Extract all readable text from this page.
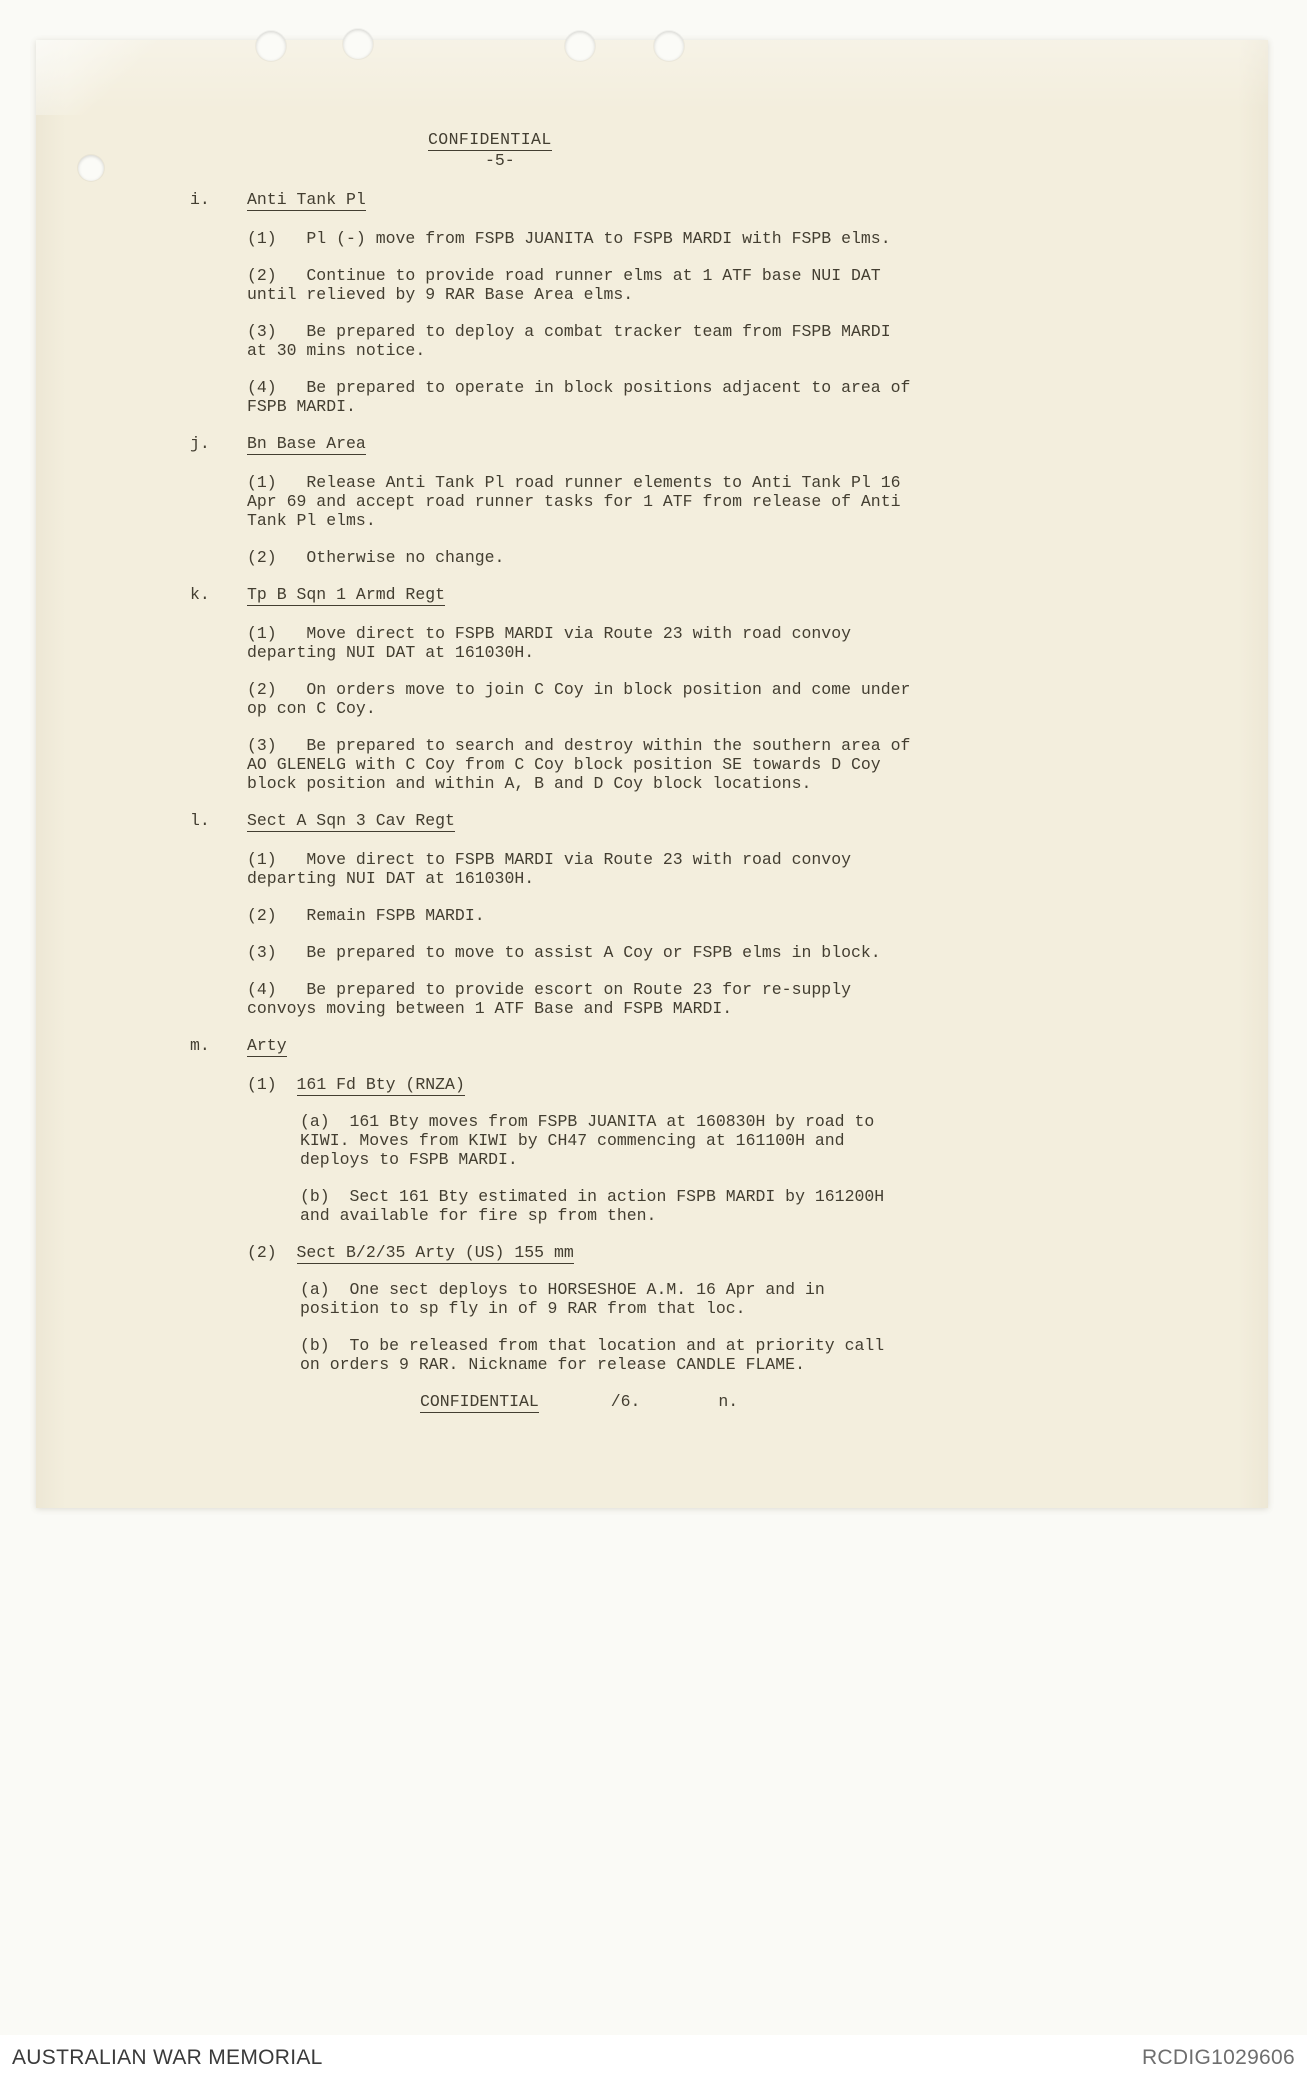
CONFIDENTIAL
-5-
i.	Anti Tank Pl
(1)   Pl (-) move from FSPB JUANITA to FSPB MARDI with FSPB elms.
(2)   Continue to provide road runner elms at 1 ATF base NUI DAT
until relieved by 9 RAR Base Area elms.
(3)   Be prepared to deploy a combat tracker team from FSPB MARDI
at 30 mins notice.
(4)   Be prepared to operate in block positions adjacent to area of
FSPB MARDI.
j.	Bn Base Area
(1)   Release Anti Tank Pl road runner elements to Anti Tank Pl 16
Apr 69 and accept road runner tasks for 1 ATF from release of Anti
Tank Pl elms.
(2)   Otherwise no change.
k.	Tp B Sqn 1 Armd Regt
(1)   Move direct to FSPB MARDI via Route 23 with road convoy
departing NUI DAT at 161030H.
(2)   On orders move to join C Coy in block position and come under
op con C Coy.
(3)   Be prepared to search and destroy within the southern area of
AO GLENELG with C Coy from C Coy block position SE towards D Coy
block position and within A, B and D Coy block locations.
l.	Sect A Sqn 3 Cav Regt
(1)   Move direct to FSPB MARDI via Route 23 with road convoy
departing NUI DAT at 161030H.
(2)   Remain FSPB MARDI.
(3)   Be prepared to move to assist A Coy or FSPB elms in block.
(4)   Be prepared to provide escort on Route 23 for re-supply
convoys moving between 1 ATF Base and FSPB MARDI.
m.	Arty
(1)  161 Fd Bty (RNZA)
(a)  161 Bty moves from FSPB JUANITA at 160830H by road to
KIWI. Moves from KIWI by CH47 commencing at 161100H and
deploys to FSPB MARDI.
(b)  Sect 161 Bty estimated in action FSPB MARDI by 161200H
and available for fire sp from then.
(2)  Sect B/2/35 Arty (US) 155 mm
(a)  One sect deploys to HORSESHOE A.M. 16 Apr and in
position to sp fly in of 9 RAR from that loc.
(b)  To be released from that location and at priority call
on orders 9 RAR. Nickname for release CANDLE FLAME.
CONFIDENTIAL	/6.	n.
AUSTRALIAN WAR MEMORIAL	RCDIG1029606
